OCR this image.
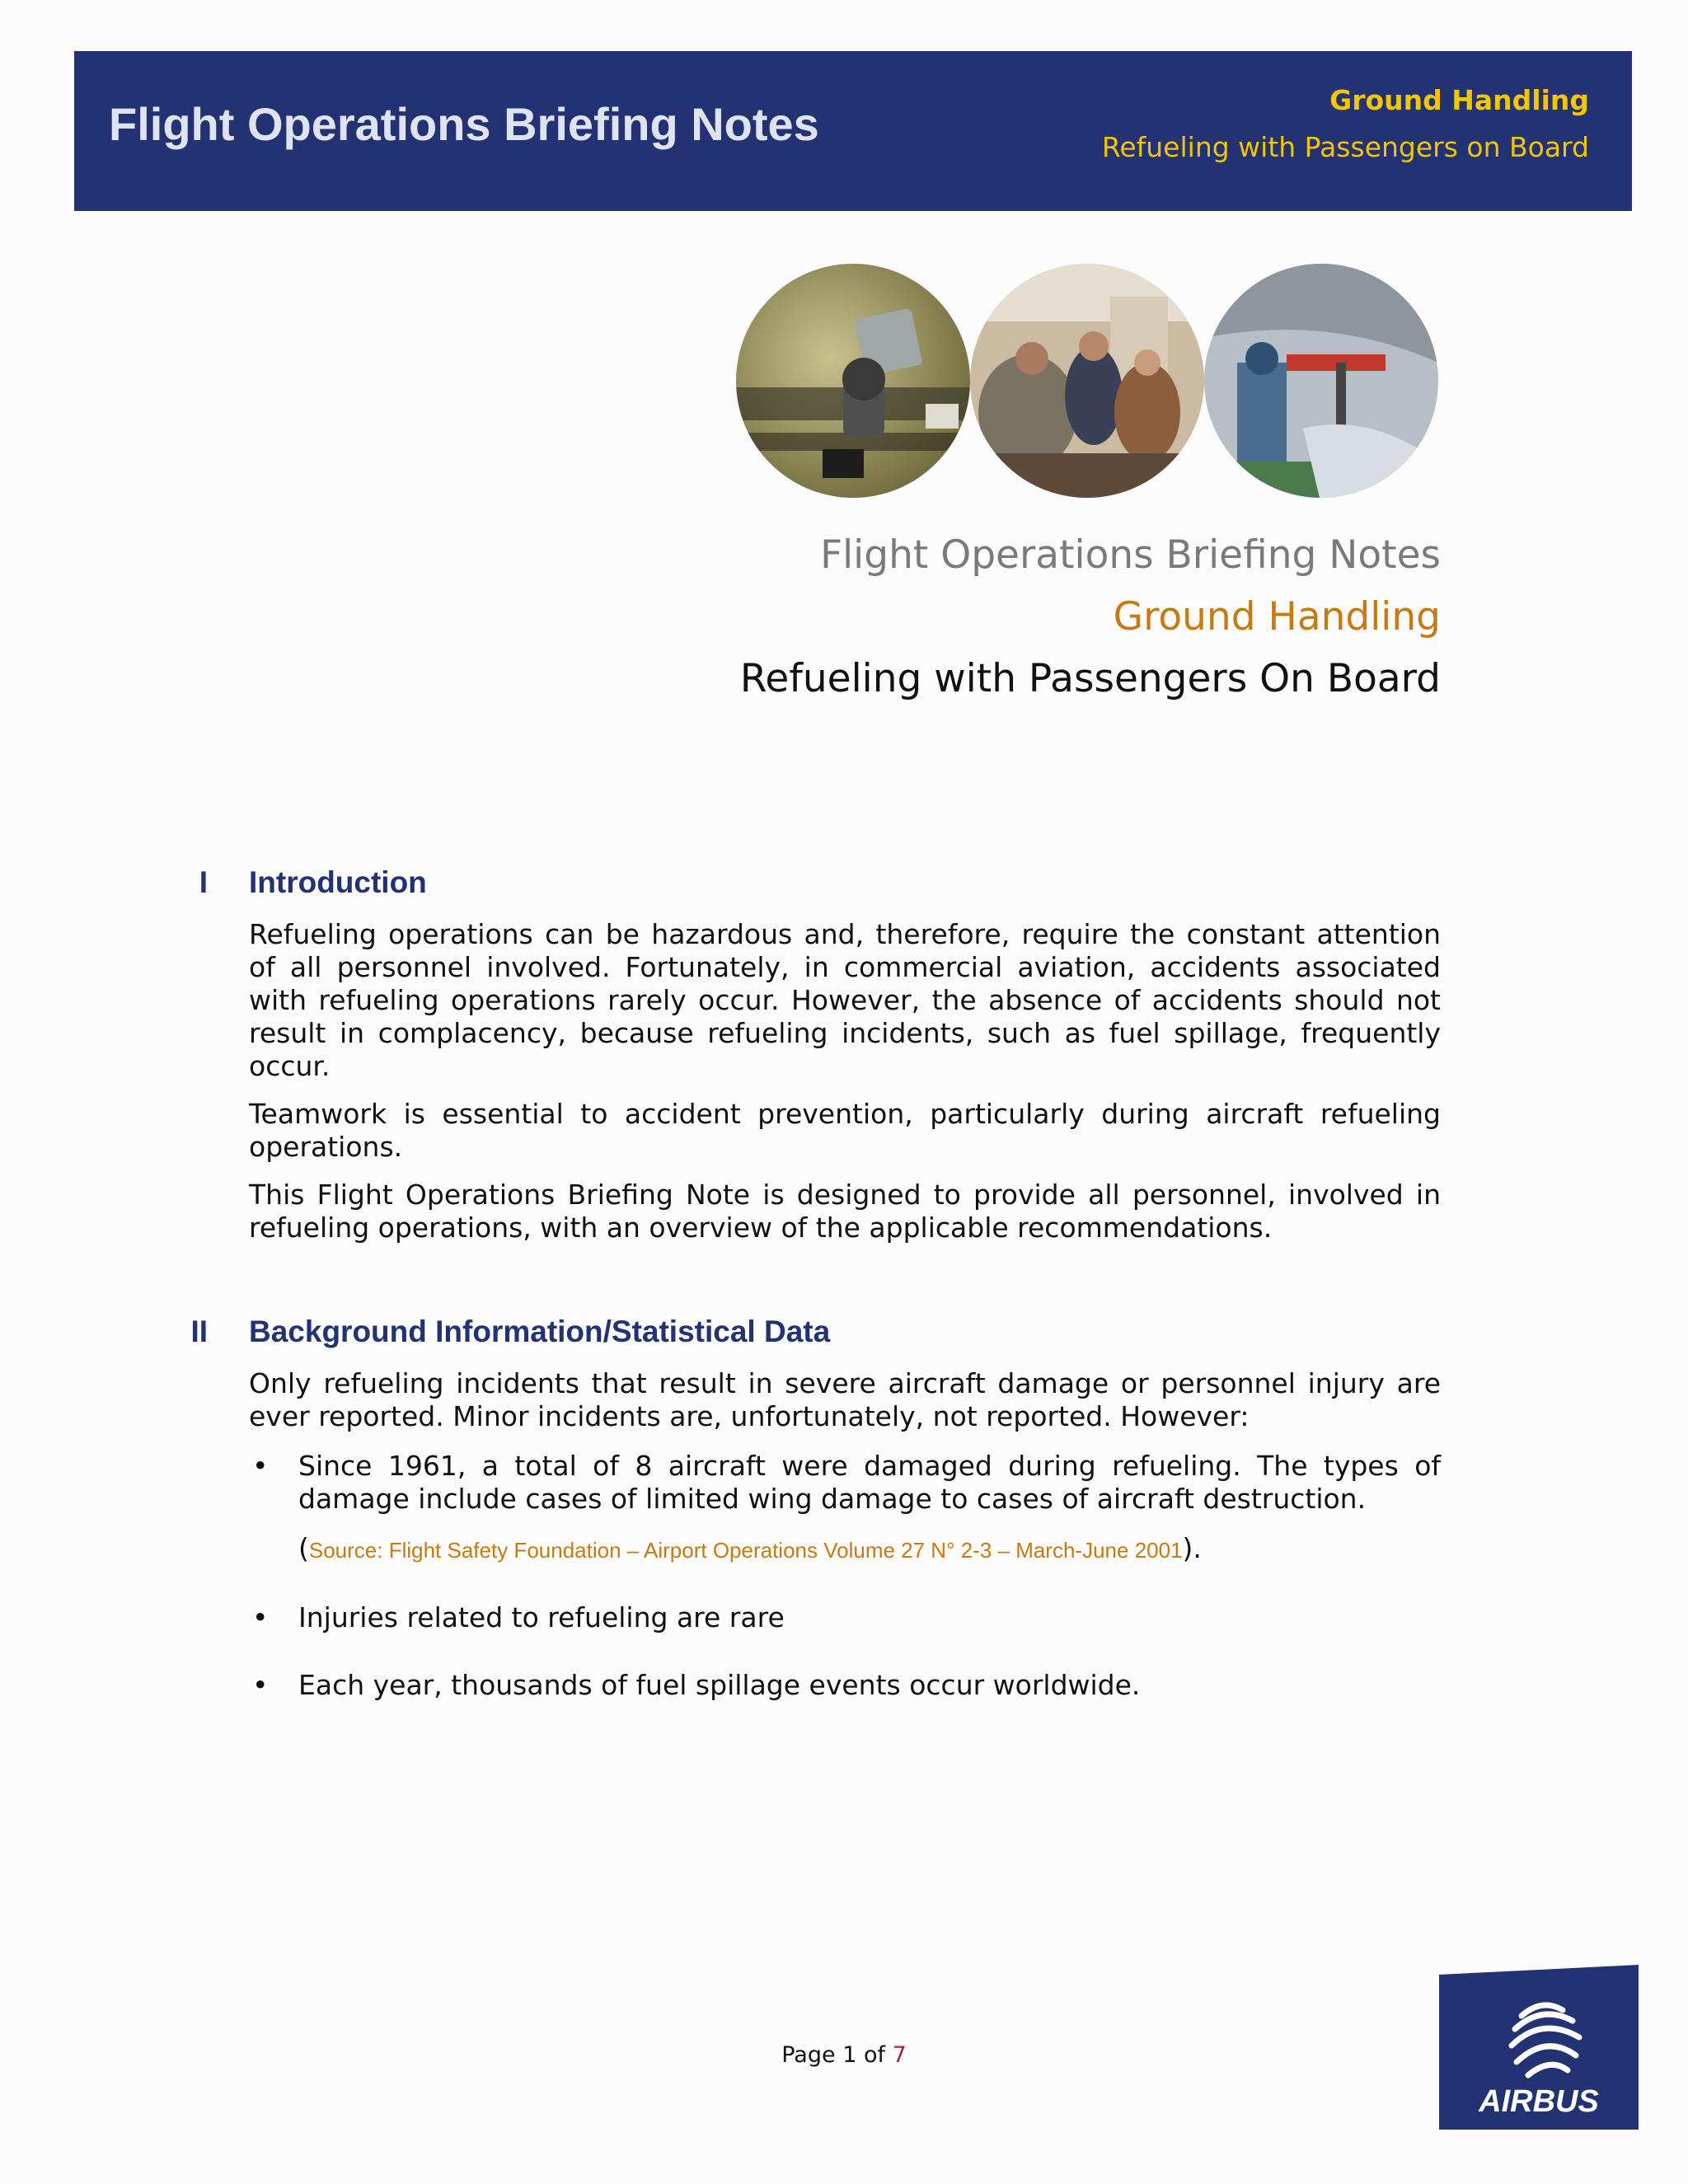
Flight Operations Briefing Notes	Ground Handling
Refueling with Passengers on Board
Flight Operations Briefing Notes
Ground Handling
Refueling with Passengers On Board
I Introduction
Refueling operations can be hazardous and, therefore, require the constant attention of all personnel involved. Fortunately, in commercial aviation, accidents associated with refueling operations rarely occur. However, the absence of accidents should not result in complacency, because refueling incidents, such as fuel spillage, frequently occur.
Teamwork is essential to accident prevention, particularly during aircraft refueling operations.
This Flight Operations Briefing Note is designed to provide all personnel, involved in refueling operations, with an overview of the applicable recommendations.
II Background Information/Statistical Data
Only refueling incidents that result in severe aircraft damage or personnel injury are ever reported. Minor incidents are, unfortunately, not reported. However:
• Since 1961, a total of 8 aircraft were damaged during refueling. The types of damage include cases of limited wing damage to cases of aircraft destruction.
(Source: Flight Safety Foundation – Airport Operations Volume 27 N° 2-3 – March-June 2001).
• Injuries related to refueling are rare
• Each year, thousands of fuel spillage events occur worldwide.
Page 1 of 7
AIRBUS
